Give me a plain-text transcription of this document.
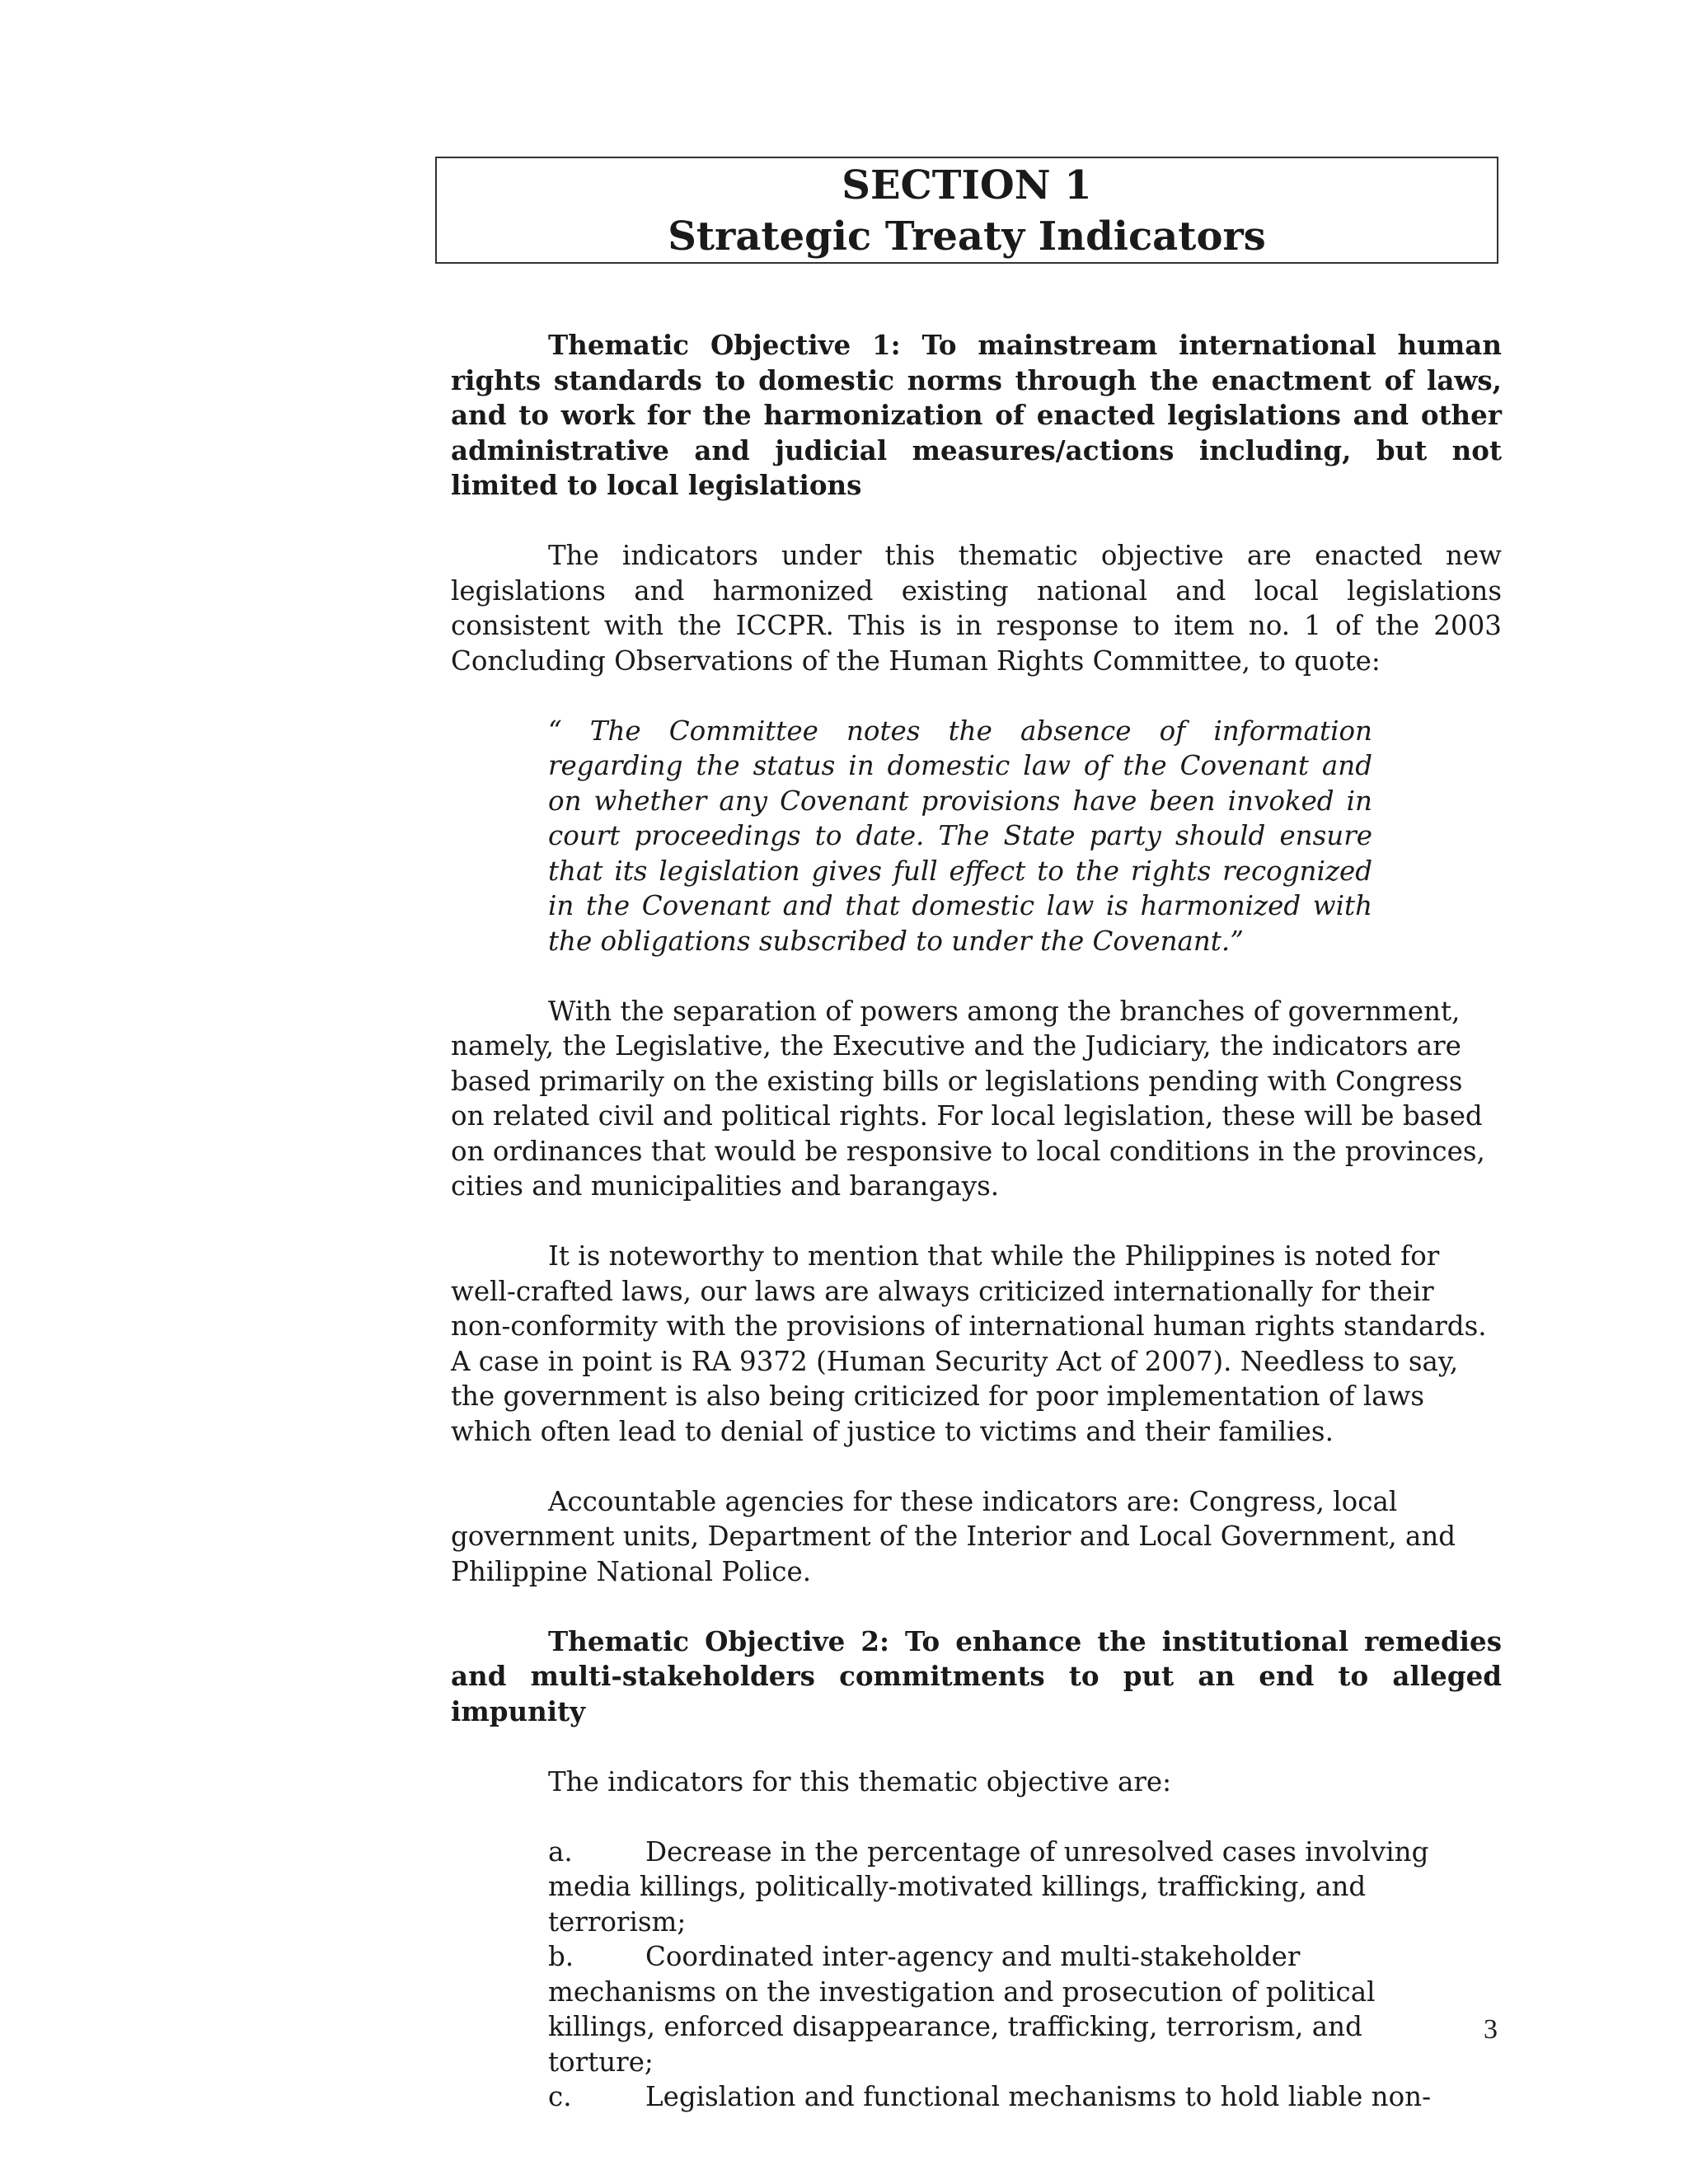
SECTION 1
Strategic Treaty Indicators

Thematic Objective 1: To mainstream international human rights standards to domestic norms through the enactment of laws, and to work for the harmonization of enacted legislations and other administrative and judicial measures/actions including, but not limited to local legislations

The indicators under this thematic objective are enacted new legislations and harmonized existing national and local legislations consistent with the ICCPR. This is in response to item no. 1 of the 2003 Concluding Observations of the Human Rights Committee, to quote:

“ The Committee notes the absence of information regarding the status in domestic law of the Covenant and on whether any Covenant provisions have been invoked in court proceedings to date. The State party should ensure that its legislation gives full effect to the rights recognized in the Covenant and that domestic law is harmonized with the obligations subscribed to under the Covenant.”

With the separation of powers among the branches of government, namely, the Legislative, the Executive and the Judiciary, the indicators are based primarily on the existing bills or legislations pending with Congress on related civil and political rights. For local legislation, these will be based on ordinances that would be responsive to local conditions in the provinces, cities and municipalities and barangays.

It is noteworthy to mention that while the Philippines is noted for well-crafted laws, our laws are always criticized internationally for their non-conformity with the provisions of international human rights standards. A case in point is RA 9372 (Human Security Act of 2007). Needless to say, the government is also being criticized for poor implementation of laws which often lead to denial of justice to victims and their families.

Accountable agencies for these indicators are: Congress, local government units, Department of the Interior and Local Government, and Philippine National Police.

Thematic Objective 2: To enhance the institutional remedies and multi-stakeholders commitments to put an end to alleged impunity

The indicators for this thematic objective are:

a.	Decrease in the percentage of unresolved cases involving media killings, politically-motivated killings, trafficking, and terrorism;

b.	Coordinated inter-agency and multi-stakeholder mechanisms on the investigation and prosecution of political killings, enforced disappearance, trafficking, terrorism, and torture;

c.	Legislation and functional mechanisms to hold liable non-

3
